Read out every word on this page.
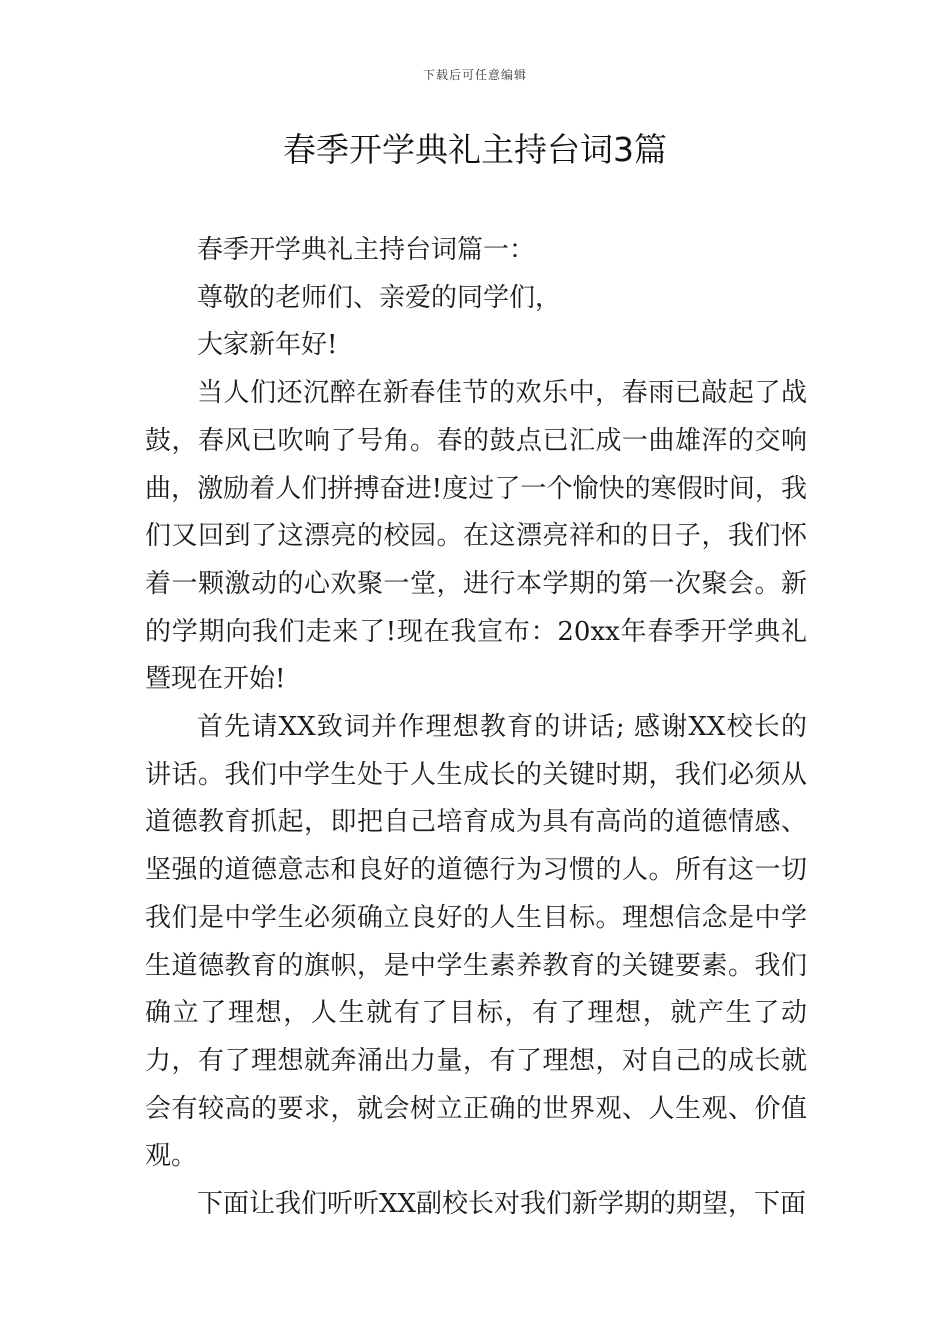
下载后可任意编辑
春季开学典礼主持台词3篇

春季开学典礼主持台词篇一：

尊敬的老师们、亲爱的同学们，

大家新年好!

当人们还沉醉在新春佳节的欢乐中，春雨已敲起了战鼓，春风已吹响了号角。春的鼓点已汇成一曲雄浑的交响曲，激励着人们拼搏奋进!度过了一个愉快的寒假时间，我们又回到了这漂亮的校园。在这漂亮祥和的日子，我们怀着一颗激动的心欢聚一堂，进行本学期的第一次聚会。新的学期向我们走来了!现在我宣布：20xx年春季开学典礼暨现在开始!

首先请XX致词并作理想教育的讲话; 感谢XX校长的讲话。我们中学生处于人生成长的关键时期，我们必须从道德教育抓起，即把自己培育成为具有高尚的道德情感、坚强的道德意志和良好的道德行为习惯的人。所有这一切我们是中学生必须确立良好的人生目标。理想信念是中学生道德教育的旗帜，是中学生素养教育的关键要素。我们确立了理想，人生就有了目标，有了理想，就产生了动力，有了理想就奔涌出力量，有了理想，对自己的成长就会有较高的要求，就会树立正确的世界观、人生观、价值观。

下面让我们听听XX副校长对我们新学期的期望，下面
